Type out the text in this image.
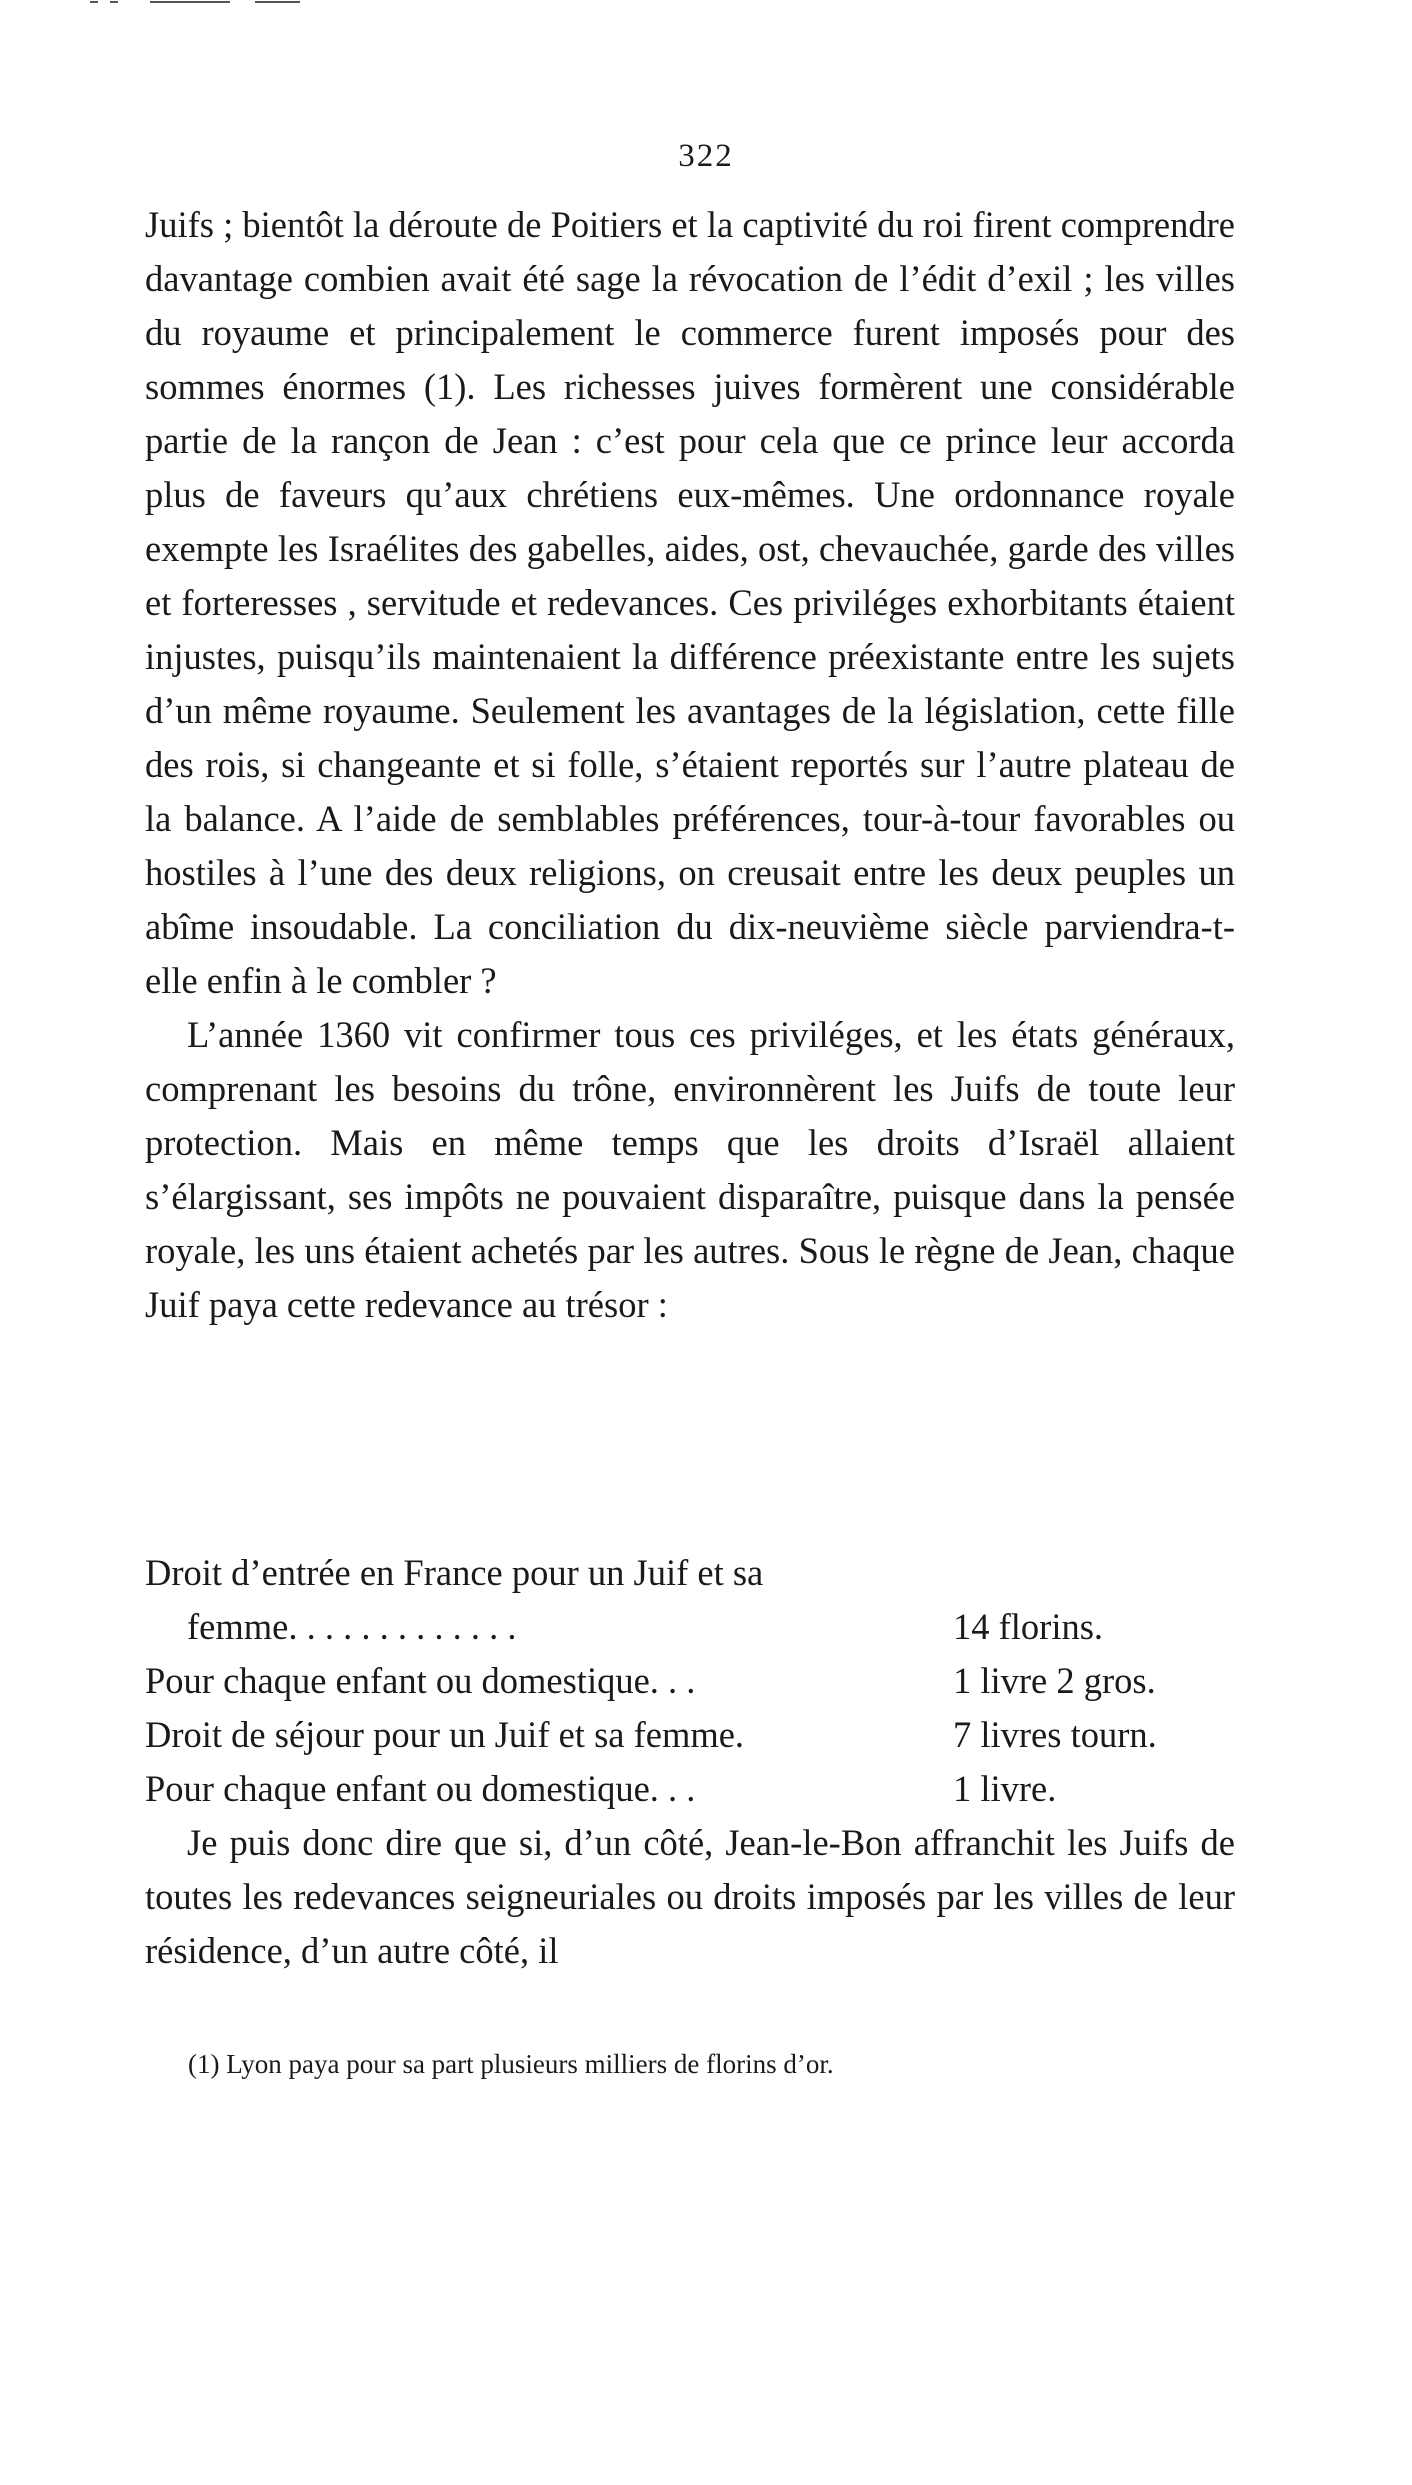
322

Juifs ; bientôt la déroute de Poitiers et la captivité du roi firent comprendre davantage combien avait été sage la révocation de l’édit d’exil ; les villes du royaume et principalement le commerce furent imposés pour des sommes énormes (1). Les richesses juives formèrent une considérable partie de la rançon de Jean : c’est pour cela que ce prince leur accorda plus de faveurs qu’aux chrétiens eux-mêmes. Une ordonnance royale exempte les Israélites des gabelles, aides, ost, chevauchée, garde des villes et forteresses , servitude et redevances. Ces priviléges exhorbitants étaient injustes, puisqu’ils maintenaient la différence préexistante entre les sujets d’un même royaume. Seulement les avantages de la législation, cette fille des rois, si changeante et si folle, s’étaient reportés sur l’autre plateau de la balance. A l’aide de semblables préférences, tour-à-tour favorables ou hostiles à l’une des deux religions, on creusait entre les deux peuples un abîme insoudable. La conciliation du dix-neuvième siècle parviendra-t-elle enfin à le combler ?

L’année 1360 vit confirmer tous ces priviléges, et les états généraux, comprenant les besoins du trône, environnèrent les Juifs de toute leur protection. Mais en même temps que les droits d’Israël allaient s’élargissant, ses impôts ne pouvaient disparaître, puisque dans la pensée royale, les uns étaient achetés par les autres. Sous le règne de Jean, chaque Juif paya cette redevance au trésor :

Droit d’entrée en France pour un Juif et sa
femme. . . . . . . . . . . . .	14 florins.
Pour chaque enfant ou domestique. . .	1 livre 2 gros.
Droit de séjour pour un Juif et sa femme.	7 livres tourn.
Pour chaque enfant ou domestique. . .	1 livre.
Je puis donc dire que si, d’un côté, Jean-le-Bon affranchit les Juifs de toutes les redevances seigneuriales ou droits imposés par les villes de leur résidence, d’un autre côté, il
(1) Lyon paya pour sa part plusieurs milliers de florins d’or.
